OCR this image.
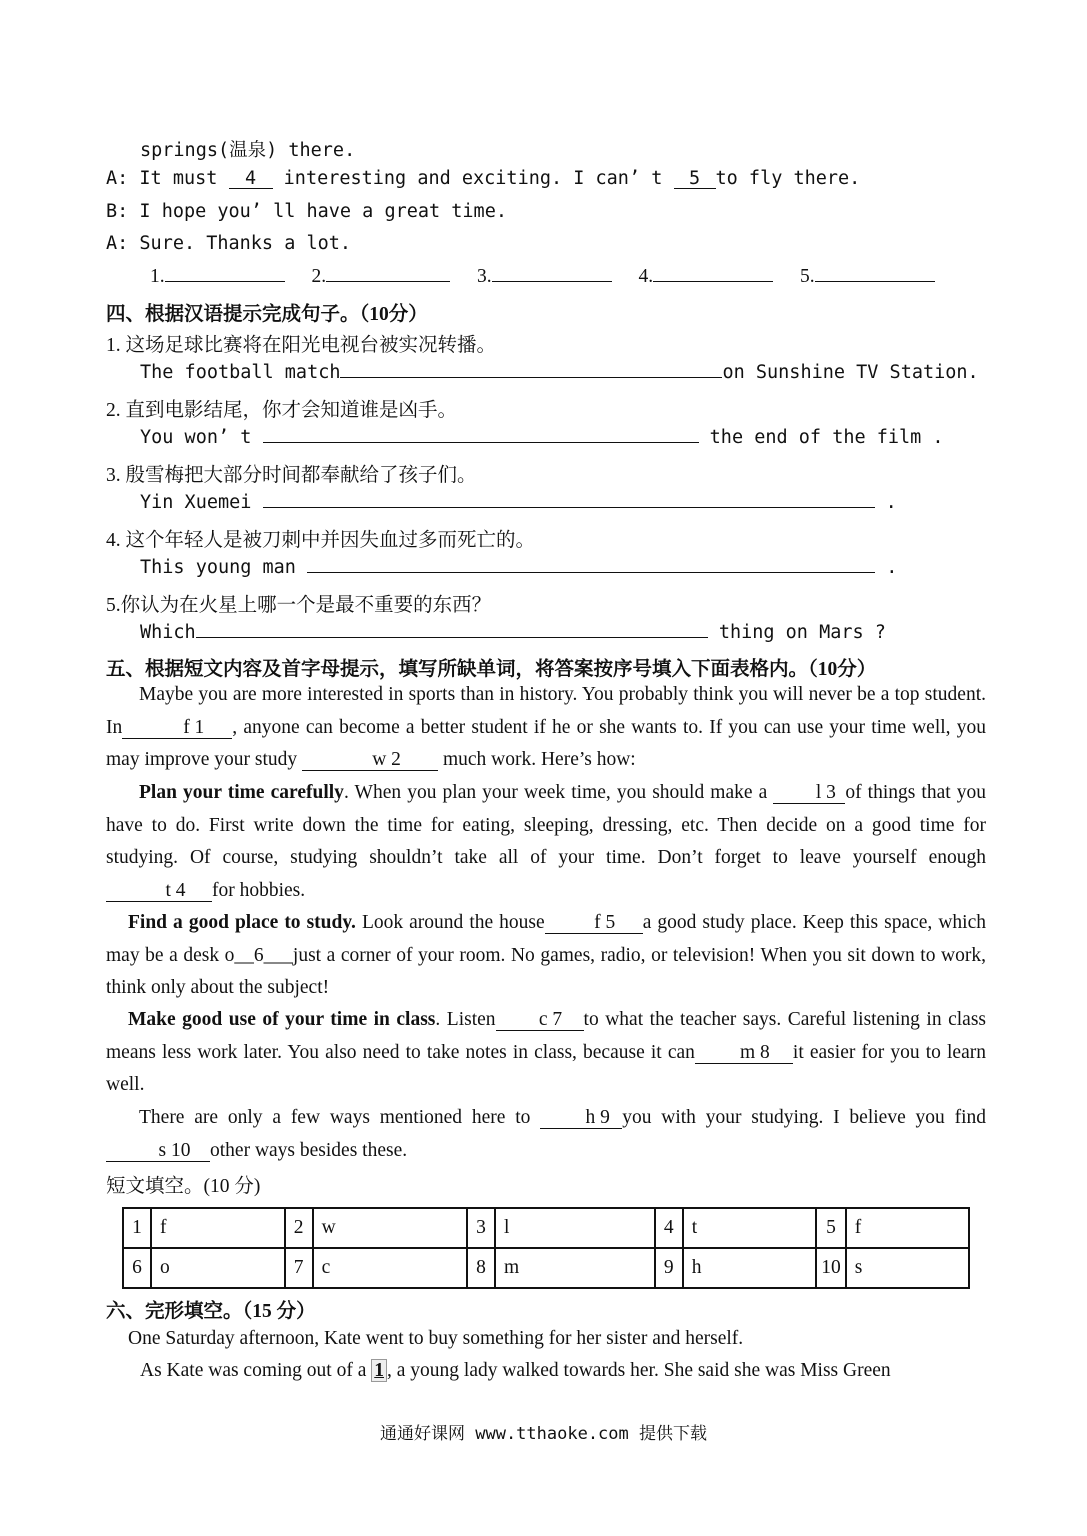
springs(温泉) there.
A: It must 4 interesting and exciting. I can’ t 5 to fly there.
B: I hope you’ ll have a great time.
A: Sure. Thanks a lot.
1.	2.	3.	4.	5.
四、根据汉语提示完成句子。（10分）
1. 这场足球比赛将在阳光电视台被实况转播。
The football match	on Sunshine TV Station.
2. 直到电影结尾，你才会知道谁是凶手。
You won’ t	the end of the film .
3. 殷雪梅把大部分时间都奉献给了孩子们。
Yin Xuemei	.
4. 这个年轻人是被刀刺中并因失血过多而死亡的。
This young man	.
5.你认为在火星上哪一个是最不重要的东西？
Which	thing on Mars ?
五、根据短文内容及首字母提示，填写所缺单词，将答案按序号填入下面表格内。（10分）
Maybe you are more interested in sports than in history. You probably think you will never be a top student. In	f 1 , anyone can become a better student if he or she wants to. If you can use your time well, you may improve your study	w 2 much work. Here’s how:
Plan your time carefully. When you plan your week time, you should make a l 3 of things that you have to do. First write down the time for eating, sleeping, dressing, etc. Then decide on a good time for studying. Of course, studying shouldn’t take all of your time. Don’t forget to leave yourself enought 4 for hobbies.
Find a good place to study. Look around the house	f 5 a good study place. Keep this space, which may be a desk o__6___just a corner of your room. No games, radio, or television! When you sit down to work, think only about the subject!
Make good use of your time in class. Listen c 7 to what the teacher says. Careful listening in class means less work later. You also need to take notes in class, because it can m 8 it easier for you to learn well.
There are only a few ways mentioned here to	h 9 you with your studying. I believe you finds 10 other ways besides these.
短文填空。(10 分)
1	f	2	w	3	l	4	t	5	f
6	o	7	c	8	m	9	h	10	s
六、完形填空。（15 分）
One Saturday afternoon, Kate went to buy something for her sister and herself.
As Kate was coming out of a 1 , a young lady walked towards her. She said she was Miss Green
通通好课网 www.tthaoke.com 提供下载
